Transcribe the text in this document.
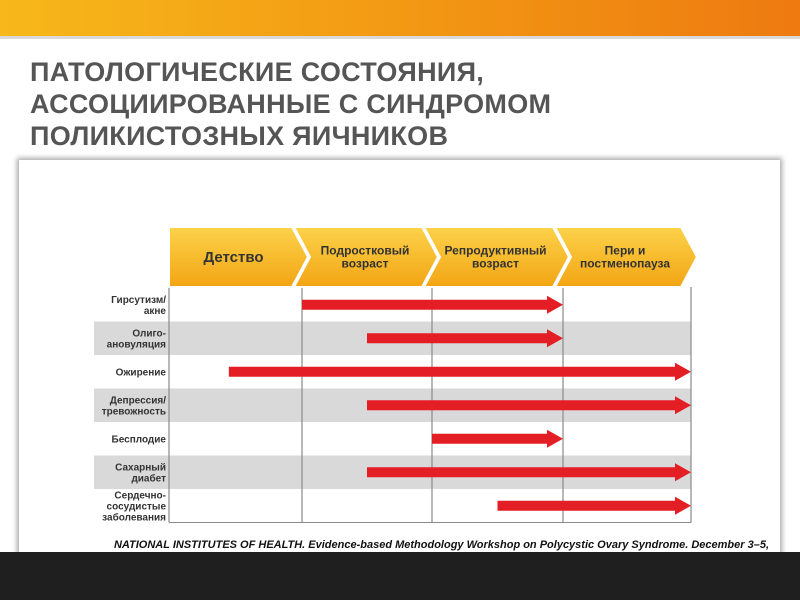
ПАТОЛОГИЧЕСКИЕ СОСТОЯНИЯ,
АССОЦИИРОВАННЫЕ С СИНДРОМОМ
ПОЛИКИСТОЗНЫХ ЯИЧНИКОВ
Детство	Подростковый возраст
Репродуктивный возраст
Пери и постменопауза
Гирсутизм/ акне
Олиго-ановуляция
Ожирение
Депрессия/ тревожность
Бесплодие
Сахарный диабет
Сердечно-сосудистые заболевания
NATIONAL INSTITUTES OF HEALTH. Evidence-based Methodology Workshop on Polycystic Ovary Syndrome. December 3–5,
